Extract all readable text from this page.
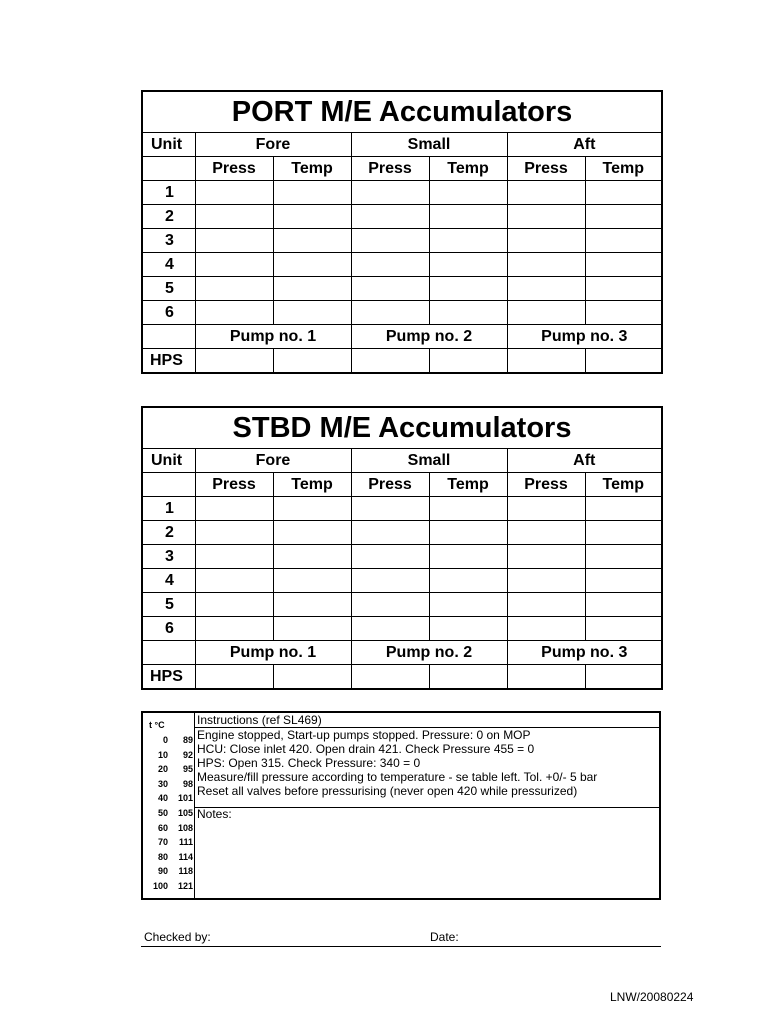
PORT M/E Accumulators						
Unit	Fore		Small		Aft	
	Press	Temp	Press	Temp	Press	Temp
1						
2						
3						
4						
5						
6						
	Pump no. 1		Pump no. 2		Pump no. 3	
HPS						
STBD M/E Accumulators						
Unit	Fore		Small		Aft	
	Press	Temp	Press	Temp	Press	Temp
1						
2						
3						
4						
5						
6						
	Pump no. 1		Pump no. 2		Pump no. 3	
HPS						
t °C
0 89
10 92
20 95
30 98
40 101
50 105
60 108
70 111
80 114
90 118
100 121
Instructions (ref SL469)
Engine stopped, Start-up pumps stopped. Pressure: 0 on MOP
HCU: Close inlet 420. Open drain 421. Check Pressure 455 = 0
HPS: Open 315. Check Pressure: 340 = 0
Measure/fill pressure according to temperature - se table left. Tol. +0/- 5 bar
Reset all valves before pressurising (never open 420 while pressurized)
Notes:
Checked by:	Date:
LNW/20080224
